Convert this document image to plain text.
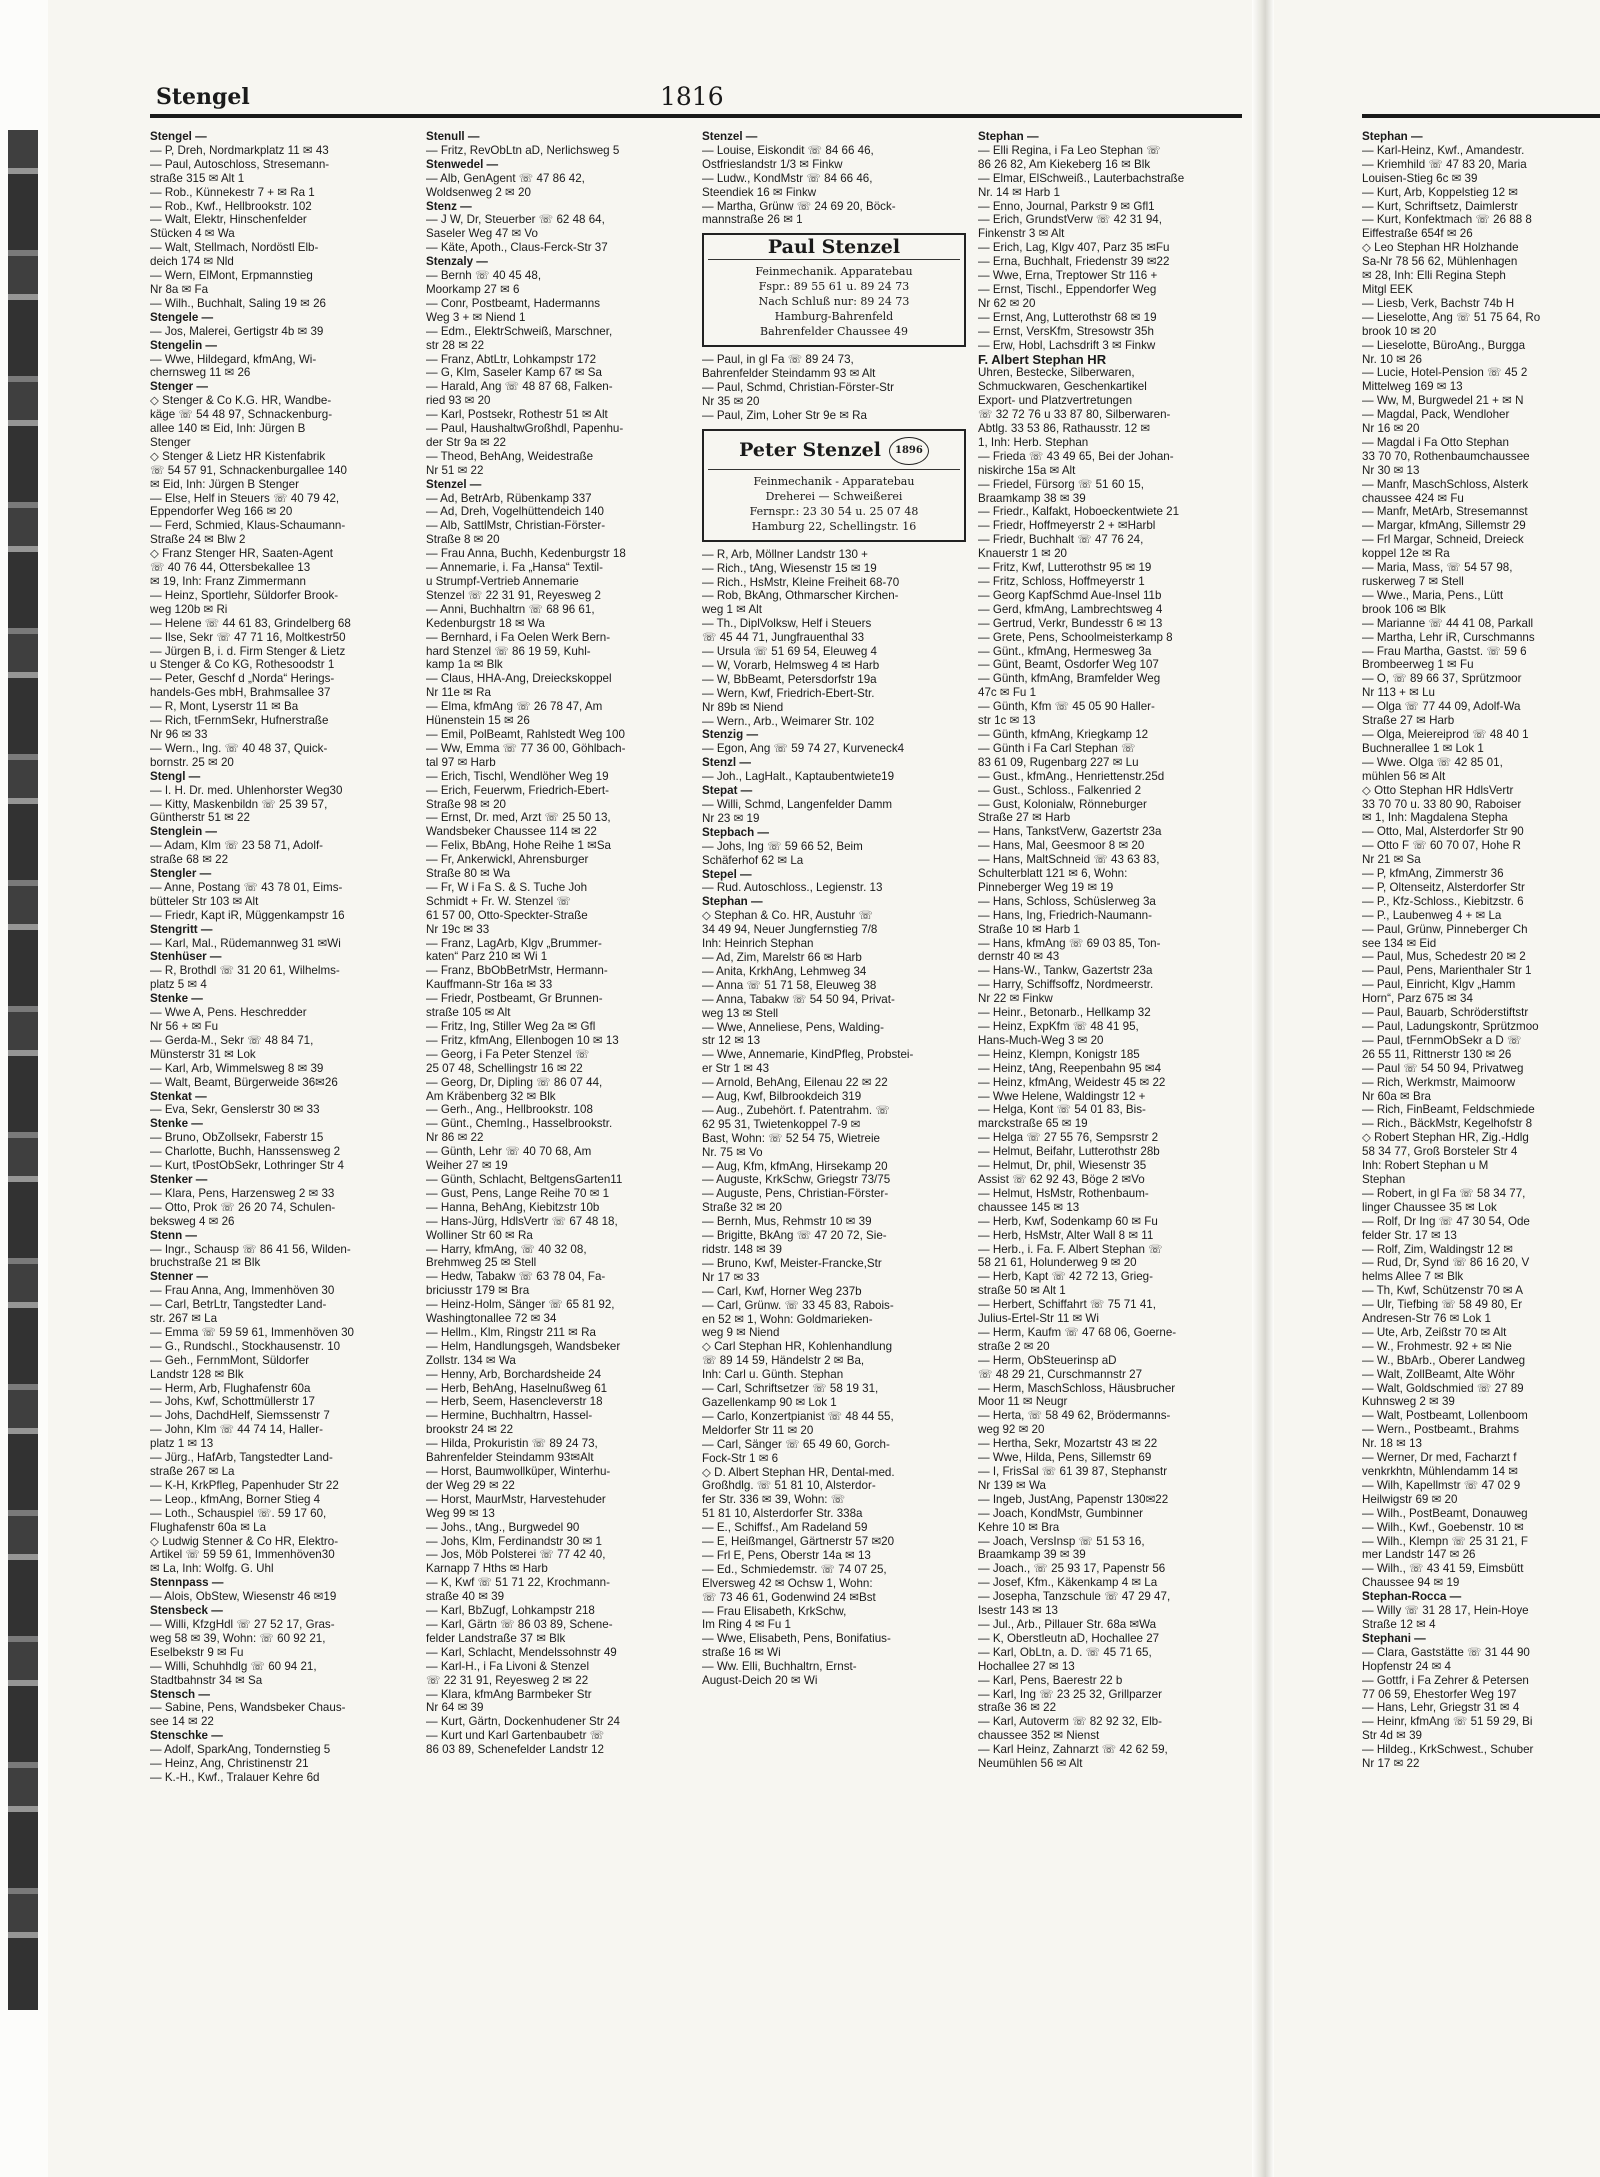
Stengel	1816
Stengel —
— P, Dreh, Nordmarkplatz 11 ✉ 43
— Paul, Autoschloss, Stresemann-
straße 315 ✉ Alt 1
— Rob., Künnekestr 7 + ✉ Ra 1
— Rob., Kwf., Hellbrookstr. 102
— Walt, Elektr, Hinschenfelder
Stücken 4 ✉ Wa
— Walt, Stellmach, Nordöstl Elb-
deich 174 ✉ Nld
— Wern, ElMont, Erpmannstieg
Nr 8a ✉ Fa
— Wilh., Buchhalt, Saling 19 ✉ 26
Stengele —
— Jos, Malerei, Gertigstr 4b ✉ 39
Stengelin —
— Wwe, Hildegard, kfmAng, Wi-
chernsweg 11 ✉ 26
Stenger —
◇ Stenger & Co K.G. HR, Wandbe-
käge ☏ 54 48 97, Schnackenburg-
allee 140 ✉ Eid, Inh: Jürgen B
Stenger
◇ Stenger & Lietz HR Kistenfabrik
☏ 54 57 91, Schnackenburgallee 140
✉ Eid, Inh: Jürgen B Stenger
— Else, Helf in Steuers ☏ 40 79 42,
Eppendorfer Weg 166 ✉ 20
— Ferd, Schmied, Klaus-Schaumann-
Straße 24 ✉ Blw 2
◇ Franz Stenger HR, Saaten-Agent
☏ 40 76 44, Ottersbekallee 13
✉ 19, Inh: Franz Zimmermann
— Heinz, Sportlehr, Süldorfer Brook-
weg 120b ✉ Ri
— Helene ☏ 44 61 83, Grindelberg 68
— Ilse, Sekr ☏ 47 71 16, Moltkestr50
— Jürgen B, i. d. Firm Stenger & Lietz
u Stenger & Co KG, Rothesoodstr 1
— Peter, Geschf d „Norda“ Herings-
handels-Ges mbH, Brahmsallee 37
— R, Mont, Lyserstr 11 ✉ Ba
— Rich, tFernmSekr, Hufnerstraße
Nr 96 ✉ 33
— Wern., Ing. ☏ 40 48 37, Quick-
bornstr. 25 ✉ 20
Stengl —
— I. H. Dr. med. Uhlenhorster Weg30
— Kitty, Maskenbildn ☏ 25 39 57,
Güntherstr 51 ✉ 22
Stenglein —
— Adam, Klm ☏ 23 58 71, Adolf-
straße 68 ✉ 22
Stengler —
— Anne, Postang ☏ 43 78 01, Eims-
bütteler Str 103 ✉ Alt
— Friedr, Kapt iR, Müggenkampstr 16
Stengritt —
— Karl, Mal., Rüdemannweg 31 ✉Wi
Stenhüser —
— R, Brothdl ☏ 31 20 61, Wilhelms-
platz 5 ✉ 4
Stenke —
— Wwe A, Pens. Heschredder
Nr 56 + ✉ Fu
— Gerda-M., Sekr ☏ 48 84 71,
Münsterstr 31 ✉ Lok
— Karl, Arb, Wimmelsweg 8 ✉ 39
— Walt, Beamt, Bürgerweide 36✉26
Stenkat —
— Eva, Sekr, Genslerstr 30 ✉ 33
Stenke —
— Bruno, ObZollsekr, Faberstr 15
— Charlotte, Buchh, Hanssensweg 2
— Kurt, tPostObSekr, Lothringer Str 4
Stenker —
— Klara, Pens, Harzensweg 2 ✉ 33
— Otto, Prok ☏ 26 20 74, Schulen-
beksweg 4 ✉ 26
Stenn —
— Ingr., Schausp ☏ 86 41 56, Wilden-
bruchstraße 21 ✉ Blk
Stenner —
— Frau Anna, Ang, Immenhöven 30
— Carl, BetrLtr, Tangstedter Land-
str. 267 ✉ La
— Emma ☏ 59 59 61, Immenhöven 30
— G., Rundschl., Stockhausenstr. 10
— Geh., FernmMont, Süldorfer
Landstr 128 ✉ Blk
— Herm, Arb, Flughafenstr 60a
— Johs, Kwf, Schottmüllerstr 17
— Johs, DachdHelf, Siemssenstr 7
— John, Klm ☏ 44 74 14, Haller-
platz 1 ✉ 13
— Jürg., HafArb, Tangstedter Land-
straße 267 ✉ La
— K-H, KrkPfleg, Papenhuder Str 22
— Leop., kfmAng, Borner Stieg 4
— Loth., Schauspiel ☏. 59 17 60,
Flughafenstr 60a ✉ La
◇ Ludwig Stenner & Co HR, Elektro-
Artikel ☏ 59 59 61, Immenhöven30
✉ La, Inh: Wolfg. G. Uhl
Stennpass —
— Alois, ObStew, Wiesenstr 46 ✉19
Stensbeck —
— Willi, KfzgHdl ☏ 27 52 17, Gras-
weg 58 ✉ 39, Wohn: ☏ 60 92 21,
Eselbekstr 9 ✉ Fu
— Willi, Schuhhdlg ☏ 60 94 21,
Stadtbahnstr 34 ✉ Sa
Stensch —
— Sabine, Pens, Wandsbeker Chaus-
see 14 ✉ 22
Stenschke —
— Adolf, SparkAng, Tondernstieg 5
— Heinz, Ang, Christinenstr 21
— K.-H., Kwf., Tralauer Kehre 6d
Stenull —
— Fritz, RevObLtn aD, Nerlichsweg 5
Stenwedel —
— Alb, GenAgent ☏ 47 86 42,
Woldsenweg 2 ✉ 20
Stenz —
— J W, Dr, Steuerber ☏ 62 48 64,
Saseler Weg 47 ✉ Vo
— Käte, Apoth., Claus-Ferck-Str 37
Stenzaly —
— Bernh ☏ 40 45 48,
Moorkamp 27 ✉ 6
— Conr, Postbeamt, Hadermanns
Weg 3 + ✉ Niend 1
— Edm., ElektrSchweiß, Marschner,
str 28 ✉ 22
— Franz, AbtLtr, Lohkampstr 172
— G, Klm, Saseler Kamp 67 ✉ Sa
— Harald, Ang ☏ 48 87 68, Falken-
ried 93 ✉ 20
— Karl, Postsekr, Rothestr 51 ✉ Alt
— Paul, HaushaltwGroßhdl, Papenhu-
der Str 9a ✉ 22
— Theod, BehAng, Weidestraße
Nr 51 ✉ 22
Stenzel —
— Ad, BetrArb, Rübenkamp 337
— Ad, Dreh, Vogelhüttendeich 140
— Alb, SattlMstr, Christian-Förster-
Straße 8 ✉ 20
— Frau Anna, Buchh, Kedenburgstr 18
— Annemarie, i. Fa „Hansa“ Textil-
u Strumpf-Vertrieb Annemarie
Stenzel ☏ 22 31 91, Reyesweg 2
— Anni, Buchhaltrn ☏ 68 96 61,
Kedenburgstr 18 ✉ Wa
— Bernhard, i Fa Oelen Werk Bern-
hard Stenzel ☏ 86 19 59, Kuhl-
kamp 1a ✉ Blk
— Claus, HHA-Ang, Dreieckskoppel
Nr 11e ✉ Ra
— Elma, kfmAng ☏ 26 78 47, Am
Hünenstein 15 ✉ 26
— Emil, PolBeamt, Rahlstedt Weg 100
— Ww, Emma ☏ 77 36 00, Göhlbach-
tal 97 ✉ Harb
— Erich, Tischl, Wendlöher Weg 19
— Erich, Feuerwm, Friedrich-Ebert-
Straße 98 ✉ 20
— Ernst, Dr. med, Arzt ☏ 25 50 13,
Wandsbeker Chaussee 114 ✉ 22
— Felix, BbAng, Hohe Reihe 1 ✉Sa
— Fr, Ankerwickl, Ahrensburger
Straße 80 ✉ Wa
— Fr, W i Fa S. & S. Tuche Joh
Schmidt + Fr. W. Stenzel ☏
61 57 00, Otto-Speckter-Straße
Nr 19c ✉ 33
— Franz, LagArb, Klgv „Brummer-
katen“ Parz 210 ✉ Wi 1
— Franz, BbObBetrMstr, Hermann-
Kauffmann-Str 16a ✉ 33
— Friedr, Postbeamt, Gr Brunnen-
straße 105 ✉ Alt
— Fritz, Ing, Stiller Weg 2a ✉ Gfl
— Fritz, kfmAng, Ellenbogen 10 ✉ 13
— Georg, i Fa Peter Stenzel ☏
25 07 48, Schellingstr 16 ✉ 22
— Georg, Dr, Dipling ☏ 86 07 44,
Am Kräbenberg 32 ✉ Blk
— Gerh., Ang., Hellbrookstr. 108
— Günt., ChemIng., Hasselbrookstr.
Nr 86 ✉ 22
— Günth, Lehr ☏ 40 70 68, Am
Weiher 27 ✉ 19
— Günth, Schlacht, BeltgensGarten11
— Gust, Pens, Lange Reihe 70 ✉ 1
— Hanna, BehAng, Kiebitzstr 10b
— Hans-Jürg, HdlsVertr ☏ 67 48 18,
Wolliner Str 60 ✉ Ra
— Harry, kfmAng, ☏ 40 32 08,
Brehmweg 25 ✉ Stell
— Hedw, Tabakw ☏ 63 78 04, Fa-
briciusstr 179 ✉ Bra
— Heinz-Holm, Sänger ☏ 65 81 92,
Washingtonallee 72 ✉ 34
— Hellm., Klm, Ringstr 211 ✉ Ra
— Helm, Handlungsgeh, Wandsbeker
Zollstr. 134 ✉ Wa
— Henny, Arb, Borchardsheide 24
— Herb, BehAng, Haselnußweg 61
— Herb, Seem, Hasencleverstr 18
— Hermine, Buchhaltrn, Hassel-
brookstr 24 ✉ 22
— Hilda, Prokuristin ☏ 89 24 73,
Bahrenfelder Steindamm 93✉Alt
— Horst, Baumwollküper, Winterhu-
der Weg 29 ✉ 22
— Horst, MaurMstr, Harvestehuder
Weg 99 ✉ 13
— Johs., tAng., Burgwedel 90
— Johs, Klm, Ferdinandstr 30 ✉ 1
— Jos, Möb Polsterei ☏ 77 42 40,
Karnapp 7 Hths ✉ Harb
— K, Kwf ☏ 51 71 22, Krochmann-
straße 40 ✉ 39
— Karl, BbZugf, Lohkampstr 218
— Karl, Gärtn ☏ 86 03 89, Schene-
felder Landstraße 37 ✉ Blk
— Karl, Schlacht, Mendelssohnstr 49
— Karl-H., i Fa Livoni & Stenzel
☏ 22 31 91, Reyesweg 2 ✉ 22
— Klara, kfmAng Barmbeker Str
Nr 64 ✉ 39
— Kurt, Gärtn, Dockenhudener Str 24
— Kurt und Karl Gartenbaubetr ☏
86 03 89, Schenefelder Landstr 12
Stenzel —
— Louise, Eiskondit ☏ 84 66 46,
Ostfrieslandstr 1/3 ✉ Finkw
— Ludw., KondMstr ☏ 84 66 46,
Steendiek 16 ✉ Finkw
— Martha, Grünw ☏ 24 69 20, Böck-
mannstraße 26 ✉ 1
Paul Stenzel
Feinmechanik. Apparatebau
Fspr.: 89 55 61 u. 89 24 73
Nach Schluß nur: 89 24 73
Hamburg-Bahrenfeld
Bahrenfelder Chaussee 49
— Paul, in gl Fa ☏ 89 24 73,
Bahrenfelder Steindamm 93 ✉ Alt
— Paul, Schmd, Christian-Förster-Str
Nr 35 ✉ 20
— Paul, Zim, Loher Str 9e ✉ Ra
Peter Stenzel	1896
Feinmechanik - Apparatebau
Dreherei — Schweißerei
Fernspr.: 23 30 54 u. 25 07 48
Hamburg 22, Schellingstr. 16
— R, Arb, Möllner Landstr 130 +
— Rich., tAng, Wiesenstr 15 ✉ 19
— Rich., HsMstr, Kleine Freiheit 68-70
— Rob, BkAng, Othmarscher Kirchen-
weg 1 ✉ Alt
— Th., DiplVolksw, Helf i Steuers
☏ 45 44 71, Jungfrauenthal 33
— Ursula ☏ 51 69 54, Eleuweg 4
— W, Vorarb, Helmsweg 4 ✉ Harb
— W, BbBeamt, Petersdorfstr 19a
— Wern, Kwf, Friedrich-Ebert-Str.
Nr 89b ✉ Niend
— Wern., Arb., Weimarer Str. 102
Stenzig —
— Egon, Ang ☏ 59 74 27, Kurveneck4
Stenzl —
— Joh., LagHalt., Kaptaubentwiete19
Stepat —
— Willi, Schmd, Langenfelder Damm
Nr 23 ✉ 19
Stepbach —
— Johs, Ing ☏ 59 66 52, Beim
Schäferhof 62 ✉ La
Stepel —
— Rud. Autoschloss., Legienstr. 13
Stephan —
◇ Stephan & Co. HR, Austuhr ☏
34 49 94, Neuer Jungfernstieg 7/8
Inh: Heinrich Stephan
— Ad, Zim, Marelstr 66 ✉ Harb
— Anita, KrkhAng, Lehmweg 34
— Anna ☏ 51 71 58, Eleuweg 38
— Anna, Tabakw ☏ 54 50 94, Privat-
weg 13 ✉ Stell
— Wwe, Anneliese, Pens, Walding-
str 12 ✉ 13
— Wwe, Annemarie, KindPfleg, Probstei-
er Str 1 ✉ 43
— Arnold, BehAng, Eilenau 22 ✉ 22
— Aug, Kwf, Bilbrookdeich 319
— Aug., Zubehört. f. Patentrahm. ☏
62 95 31, Twietenkoppel 7-9 ✉
Bast, Wohn: ☏ 52 54 75, Wietreie
Nr. 75 ✉ Vo
— Aug, Kfm, kfmAng, Hirsekamp 20
— Auguste, KrkSchw, Griegstr 73/75
— Auguste, Pens, Christian-Förster-
Straße 32 ✉ 20
— Bernh, Mus, Rehmstr 10 ✉ 39
— Brigitte, BkAng ☏ 47 20 72, Sie-
ridstr. 148 ✉ 39
— Bruno, Kwf, Meister-Francke,Str
Nr 17 ✉ 33
— Carl, Kwf, Horner Weg 237b
— Carl, Grünw. ☏ 33 45 83, Rabois-
en 52 ✉ 1, Wohn: Goldmarieken-
weg 9 ✉ Niend
◇ Carl Stephan HR, Kohlenhandlung
☏ 89 14 59, Händelstr 2 ✉ Ba,
Inh: Carl u. Günth. Stephan
— Carl, Schriftsetzer ☏ 58 19 31,
Gazellenkamp 90 ✉ Lok 1
— Carlo, Konzertpianist ☏ 48 44 55,
Meldorfer Str 11 ✉ 20
— Carl, Sänger ☏ 65 49 60, Gorch-
Fock-Str 1 ✉ 6
◇ D. Albert Stephan HR, Dental-med.
Großhdlg. ☏ 51 81 10, Alsterdor-
fer Str. 336 ✉ 39, Wohn: ☏
51 81 10, Alsterdorfer Str. 338a
— E., Schiffsf., Am Radeland 59
— E, Heißmangel, Gärtnerstr 57 ✉20
— Frl E, Pens, Oberstr 14a ✉ 13
— Ed., Schmiedemstr. ☏ 74 07 25,
Elversweg 42 ✉ Ochsw 1, Wohn:
☏ 73 46 61, Godenwind 24 ✉Bst
— Frau Elisabeth, KrkSchw,
Im Ring 4 ✉ Fu 1
— Wwe, Elisabeth, Pens, Bonifatius-
straße 16 ✉ Wi
— Ww. Elli, Buchhaltrn, Ernst-
August-Deich 20 ✉ Wi
Stephan —
— Elli Regina, i Fa Leo Stephan ☏
86 26 82, Am Kiekeberg 16 ✉ Blk
— Elmar, ElSchweiß., Lauterbachstraße
Nr. 14 ✉ Harb 1
— Enno, Journal, Parkstr 9 ✉ Gfl1
— Erich, GrundstVerw ☏ 42 31 94,
Finkenstr 3 ✉ Alt
— Erich, Lag, Klgv 407, Parz 35 ✉Fu
— Erna, Buchhalt, Friedenstr 39 ✉22
— Wwe, Erna, Treptower Str 116 +
— Ernst, Tischl., Eppendorfer Weg
Nr 62 ✉ 20
— Ernst, Ang, Lutterothstr 68 ✉ 19
— Ernst, VersKfm, Stresowstr 35h
— Erw, Hobl, Lachsdrift 3 ✉ Finkw
F. Albert Stephan HR
Uhren, Bestecke, Silberwaren,
Schmuckwaren, Geschenkartikel
Export- und Platzvertretungen
☏ 32 72 76 u 33 87 80, Silberwaren-
Abtlg. 33 53 86, Rathausstr. 12 ✉
1, Inh: Herb. Stephan
— Frieda ☏ 43 49 65, Bei der Johan-
niskirche 15a ✉ Alt
— Friedel, Fürsorg ☏ 51 60 15,
Braamkamp 38 ✉ 39
— Friedr., Kalfakt, Hoboeckentwiete 21
— Friedr, Hoffmeyerstr 2 + ✉Harbl
— Friedr, Buchhalt ☏ 47 76 24,
Knauerstr 1 ✉ 20
— Fritz, Kwf, Lutterothstr 95 ✉ 19
— Fritz, Schloss, Hoffmeyerstr 1
— Georg KapfSchmd Aue-Insel 11b
— Gerd, kfmAng, Lambrechtsweg 4
— Gertrud, Verkr, Bundesstr 6 ✉ 13
— Grete, Pens, Schoolmeisterkamp 8
— Günt., kfmAng, Hermesweg 3a
— Günt, Beamt, Osdorfer Weg 107
— Günth, kfmAng, Bramfelder Weg
47c ✉ Fu 1
— Günth, Kfm ☏ 45 05 90 Haller-
str 1c ✉ 13
— Günth, kfmAng, Kriegkamp 12
— Günth i Fa Carl Stephan ☏
83 61 09, Rugenbarg 227 ✉ Lu
— Gust., kfmAng., Henriettenstr.25d
— Gust., Schloss., Falkenried 2
— Gust, Kolonialw, Rönneburger
Straße 27 ✉ Harb
— Hans, TankstVerw, Gazertstr 23a
— Hans, Mal, Geesmoor 8 ✉ 20
— Hans, MaltSchneid ☏ 43 63 83,
Schulterblatt 121 ✉ 6, Wohn:
Pinneberger Weg 19 ✉ 19
— Hans, Schloss, Schüslerweg 3a
— Hans, Ing, Friedrich-Naumann-
Straße 10 ✉ Harb 1
— Hans, kfmAng ☏ 69 03 85, Ton-
dernstr 40 ✉ 43
— Hans-W., Tankw, Gazertstr 23a
— Harry, Schiffsoffz, Nordmeerstr.
Nr 22 ✉ Finkw
— Heinr., Betonarb., Hellkamp 32
— Heinz, ExpKfm ☏ 48 41 95,
Hans-Much-Weg 3 ✉ 20
— Heinz, Klempn, Konigstr 185
— Heinz, tAng, Reepenbahn 95 ✉4
— Heinz, kfmAng, Weidestr 45 ✉ 22
— Wwe Helene, Waldingstr 12 +
— Helga, Kont ☏ 54 01 83, Bis-
marckstraße 65 ✉ 19
— Helga ☏ 27 55 76, Sempsrstr 2
— Helmut, Beifahr, Lutterothstr 28b
— Helmut, Dr, phil, Wiesenstr 35
Assist ☏ 62 92 43, Böge 2 ✉Vo
— Helmut, HsMstr, Rothenbaum-
chaussee 145 ✉ 13
— Herb, Kwf, Sodenkamp 60 ✉ Fu
— Herb, HsMstr, Alter Wall 8 ✉ 11
— Herb., i. Fa. F. Albert Stephan ☏
58 21 61, Holunderweg 9 ✉ 20
— Herb, Kapt ☏ 42 72 13, Grieg-
straße 50 ✉ Alt 1
— Herbert, Schiffahrt ☏ 75 71 41,
Julius-Ertel-Str 11 ✉ Wi
— Herm, Kaufm ☏ 47 68 06, Goerne-
straße 2 ✉ 20
— Herm, ObSteuerinsp aD
☏ 48 29 21, Curschmannstr 27
— Herm, MaschSchloss, Häusbrucher
Moor 11 ✉ Neugr
— Herta, ☏ 58 49 62, Brödermanns-
weg 92 ✉ 20
— Hertha, Sekr, Mozartstr 43 ✉ 22
— Wwe, Hilda, Pens, Sillemstr 69
— I, FrisSal ☏ 61 39 87, Stephanstr
Nr 139 ✉ Wa
— Ingeb, JustAng, Papenstr 130✉22
— Joach, KondMstr, Gumbinner
Kehre 10 ✉ Bra
— Joach, VersInsp ☏ 51 53 16,
Braamkamp 39 ✉ 39
— Joach., ☏ 25 93 17, Papenstr 56
— Josef, Kfm., Käkenkamp 4 ✉ La
— Josepha, Tanzschule ☏ 47 29 47,
Isestr 143 ✉ 13
— Jul., Arb., Pillauer Str. 68a ✉Wa
— K, Oberstleutn aD, Hochallee 27
— Karl, ObLtn, a. D. ☏ 45 71 65,
Hochallee 27 ✉ 13
— Karl, Pens, Baerestr 22 b
— Karl, Ing ☏ 23 25 32, Grillparzer
straße 36 ✉ 22
— Karl, Autoverm ☏ 82 92 32, Elb-
chaussee 352 ✉ Nienst
— Karl Heinz, Zahnarzt ☏ 42 62 59,
Neumühlen 56 ✉ Alt
Stephan —
— Karl-Heinz, Kwf., Amandestr.
— Kriemhild ☏ 47 83 20, Maria
Louisen-Stieg 6c ✉ 39
— Kurt, Arb, Koppelstieg 12 ✉
— Kurt, Schriftsetz, Daimlerstr
— Kurt, Konfektmach ☏ 26 88 8
Eiffestraße 654f ✉ 26
◇ Leo Stephan HR Holzhande
Sa-Nr 78 56 62, Mühlenhagen
✉ 28, Inh: Elli Regina Steph
Mitgl EEK
— Liesb, Verk, Bachstr 74b H
— Lieselotte, Ang ☏ 51 75 64, Ro
brook 10 ✉ 20
— Lieselotte, BüroAng., Burgga
Nr. 10 ✉ 26
— Lucie, Hotel-Pension ☏ 45 2
Mittelweg 169 ✉ 13
— Ww, M, Burgwedel 21 + ✉ N
— Magdal, Pack, Wendloher
Nr 16 ✉ 20
— Magdal i Fa Otto Stephan
33 70 70, Rothenbaumchaussee
Nr 30 ✉ 13
— Manfr, MaschSchloss, Alsterk
chaussee 424 ✉ Fu
— Manfr, MetArb, Stresemannst
— Margar, kfmAng, Sillemstr 29
— Frl Margar, Schneid, Dreieck
koppel 12e ✉ Ra
— Maria, Mass, ☏ 54 57 98,
ruskerweg 7 ✉ Stell
— Wwe., Maria, Pens., Lütt
brook 106 ✉ Blk
— Marianne ☏ 44 41 08, Parkall
— Martha, Lehr iR, Curschmanns
— Frau Martha, Gastst. ☏ 59 6
Brombeerweg 1 ✉ Fu
— O, ☏ 89 66 37, Sprützmoor
Nr 113 + ✉ Lu
— Olga ☏ 77 44 09, Adolf-Wa
Straße 27 ✉ Harb
— Olga, Meiereiprod ☏ 48 40 1
Buchnerallee 1 ✉ Lok 1
— Wwe. Olga ☏ 42 85 01,
mühlen 56 ✉ Alt
◇ Otto Stephan HR HdlsVertr
33 70 70 u. 33 80 90, Raboiser
✉ 1, Inh: Magdalena Stepha
— Otto, Mal, Alsterdorfer Str 90
— Otto F ☏ 60 70 07, Hohe R
Nr 21 ✉ Sa
— P, kfmAng, Zimmerstr 36
— P, Oltenseitz, Alsterdorfer Str
— P., Kfz-Schloss., Kiebitzstr. 6
— P., Laubenweg 4 + ✉ La
— Paul, Grünw, Pinneberger Ch
see 134 ✉ Eid
— Paul, Mus, Schedestr 20 ✉ 2
— Paul, Pens, Marienthaler Str 1
— Paul, Einricht, Klgv „Hamm
Horn“, Parz 675 ✉ 34
— Paul, Bauarb, Schröderstiftstr
— Paul, Ladungskontr, Sprützmoo
— Paul, tFernmObSekr a D ☏
26 55 11, Rittnerstr 130 ✉ 26
— Paul ☏ 54 50 94, Privatweg
— Rich, Werkmstr, Maimoorw
Nr 60a ✉ Bra
— Rich, FinBeamt, Feldschmiede
— Rich., BäckMstr, Kegelhofstr 8
◇ Robert Stephan HR, Zig.-Hdlg
58 34 77, Groß Borsteler Str 4
Inh: Robert Stephan u M
Stephan
— Robert, in gl Fa ☏ 58 34 77,
linger Chaussee 35 ✉ Lok
— Rolf, Dr Ing ☏ 47 30 54, Ode
felder Str. 17 ✉ 13
— Rolf, Zim, Waldingstr 12 ✉
— Rud, Dr, Synd ☏ 86 16 20, V
helms Allee 7 ✉ Blk
— Th, Kwf, Schützenstr 70 ✉ A
— Ulr, Tiefbing ☏ 58 49 80, Er
Andresen-Str 76 ✉ Lok 1
— Ute, Arb, Zeißstr 70 ✉ Alt
— W., Frohmestr. 92 + ✉ Nie
— W., BbArb., Oberer Landweg
— Walt, ZollBeamt, Alte Wöhr
— Walt, Goldschmied ☏ 27 89
Kuhnsweg 2 ✉ 39
— Walt, Postbeamt, Lollenboom
— Wern., Postbeamt., Brahms
Nr. 18 ✉ 13
— Werner, Dr med, Facharzt f
venkrkhtn, Mühlendamm 14 ✉
— Wilh, Kapellmstr ☏ 47 02 9
Heilwigstr 69 ✉ 20
— Wilh., PostBeamt, Donauweg
— Wilh., Kwf., Goebenstr. 10 ✉
— Wilh., Klempn ☏ 25 31 21, F
mer Landstr 147 ✉ 26
— Wilh., ☏ 43 41 59, Eimsbütt
Chaussee 94 ✉ 19
Stephan-Rocca —
— Willy ☏ 31 28 17, Hein-Hoye
Straße 12 ✉ 4
Stephani —
— Clara, Gaststätte ☏ 31 44 90
Hopfenstr 24 ✉ 4
— Gottfr, i Fa Zehrer & Petersen
77 06 59, Ehestorfer Weg 197
— Hans, Lehr, Griegstr 31 ✉ 4
— Heinr, kfmAng ☏ 51 59 29, Bi
Str 4d ✉ 39
— Hildeg., KrkSchwest., Schuber
Nr 17 ✉ 22
